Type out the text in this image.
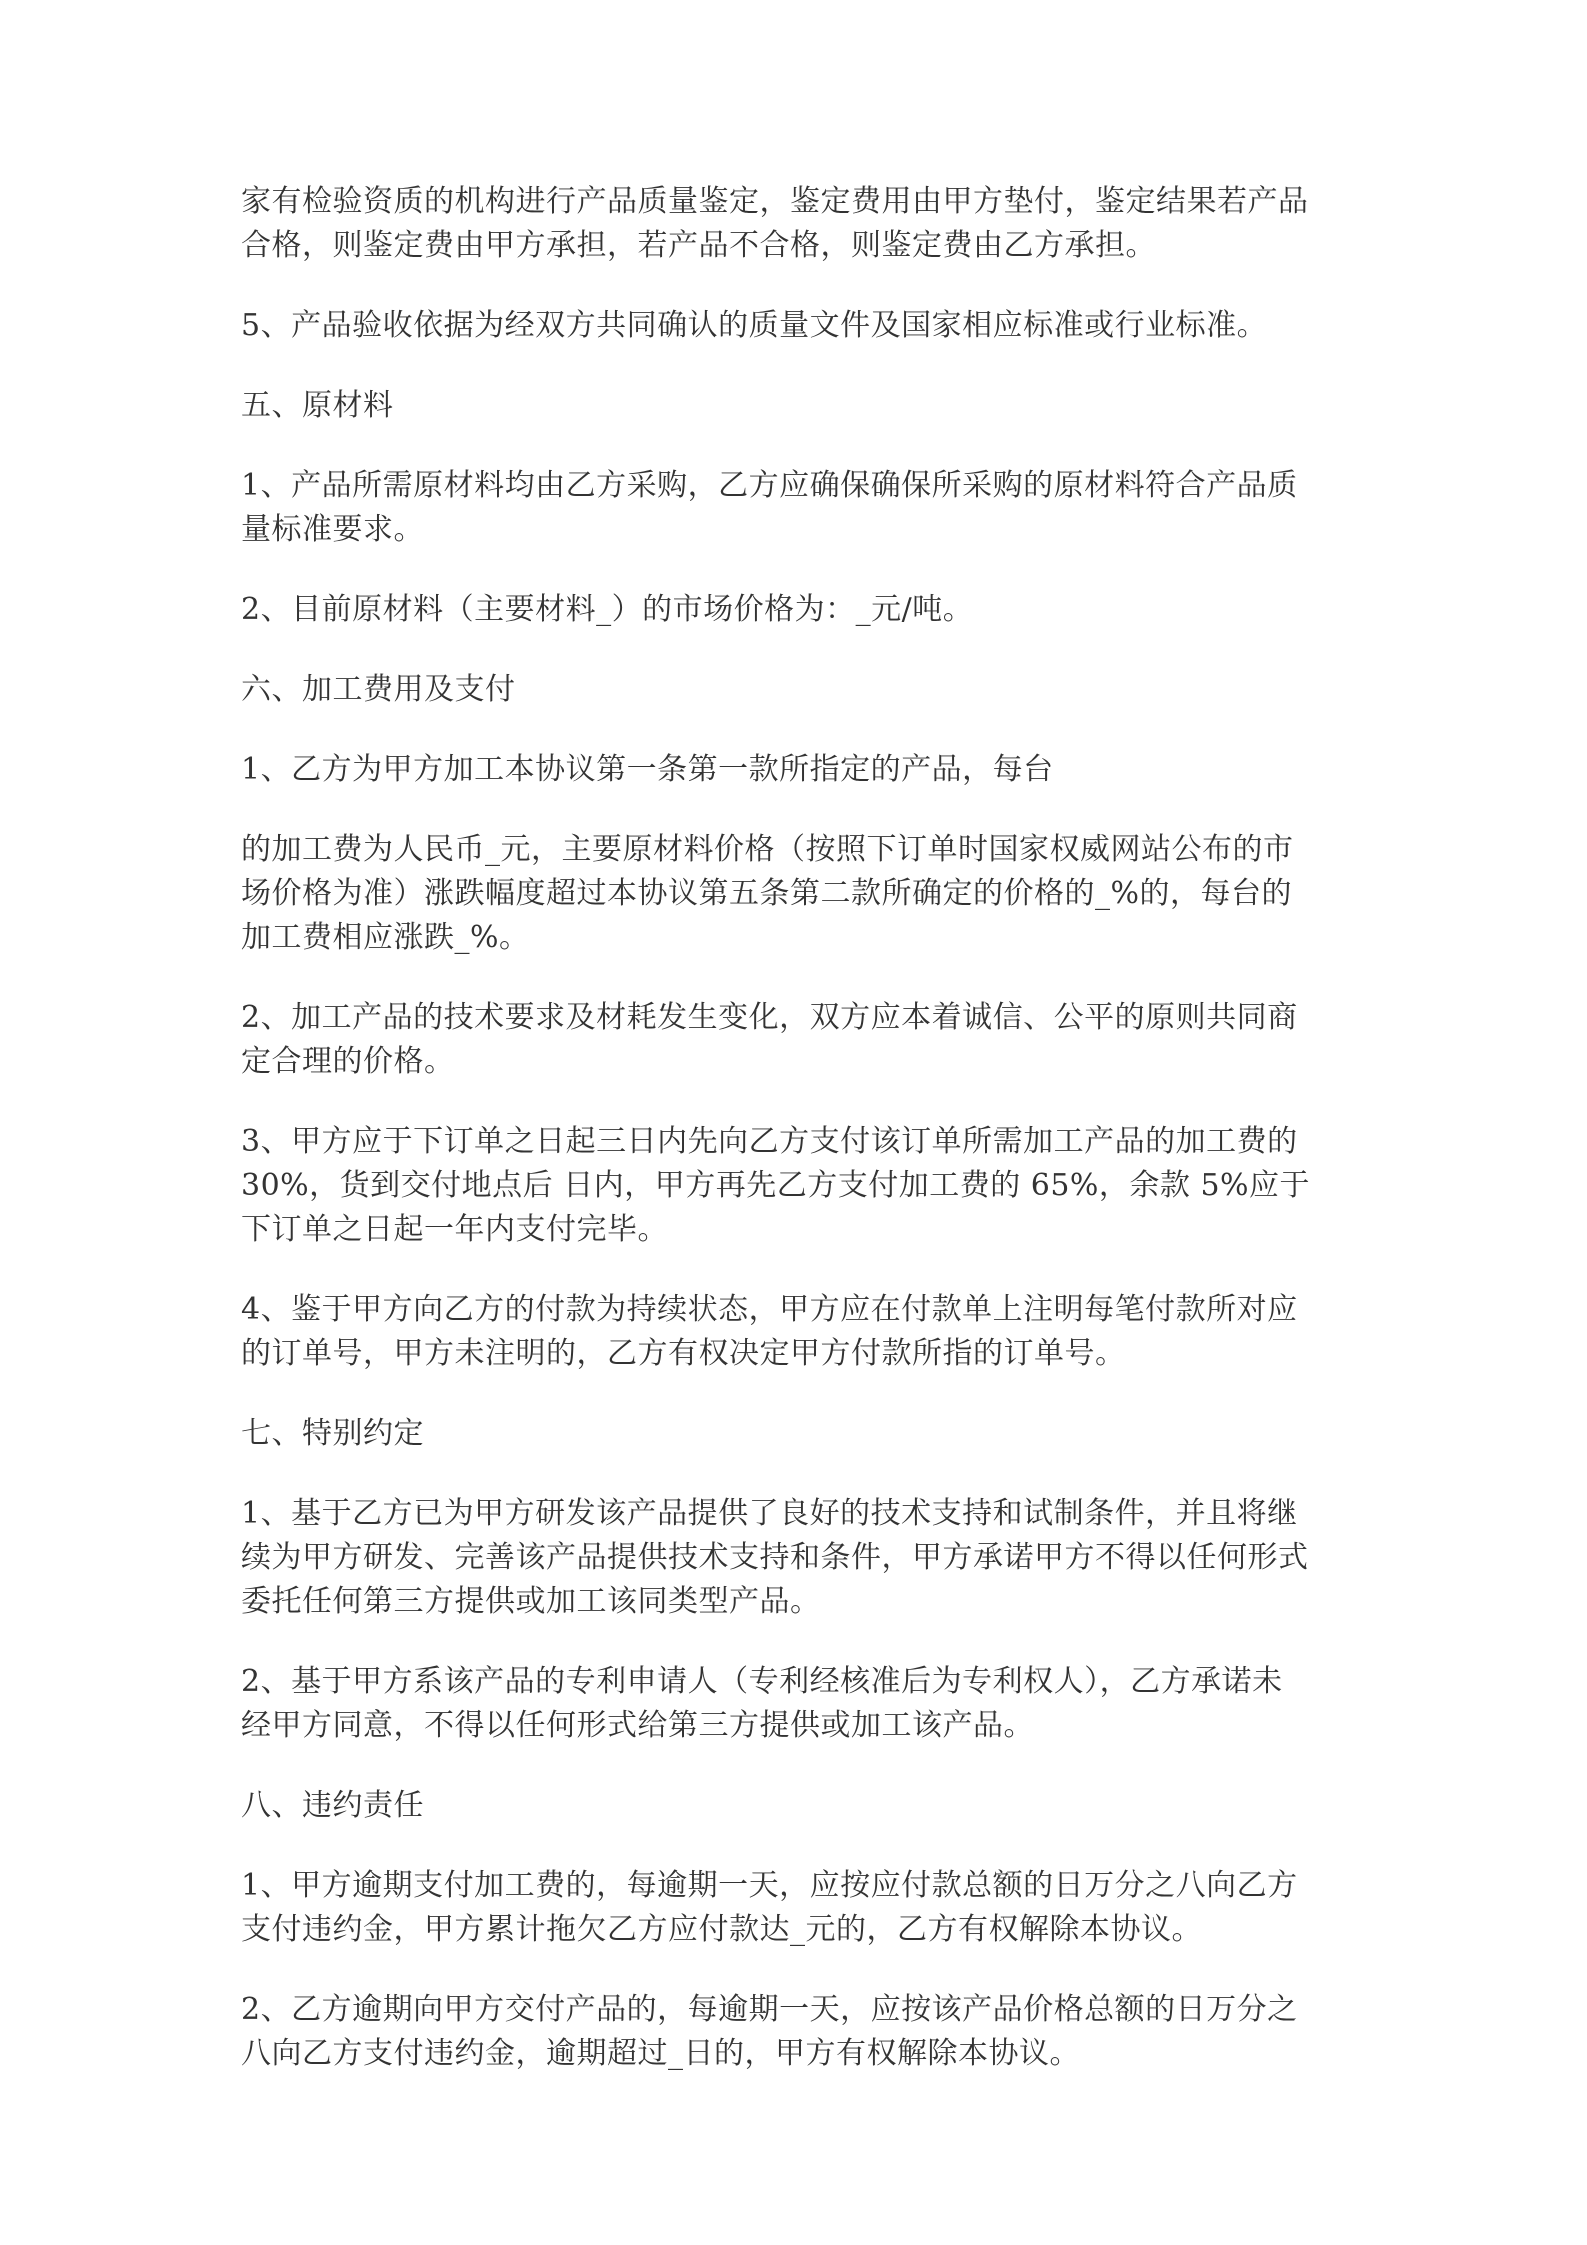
家有检验资质的机构进行产品质量鉴定，鉴定费用由甲方垫付，鉴定结果若产品
合格，则鉴定费由甲方承担，若产品不合格，则鉴定费由乙方承担。
5、产品验收依据为经双方共同确认的质量文件及国家相应标准或行业标准。
五、原材料
1、产品所需原材料均由乙方采购，乙方应确保确保所采购的原材料符合产品质
量标准要求。
2、目前原材料（主要材料_）的市场价格为：_元/吨。
六、加工费用及支付
1、乙方为甲方加工本协议第一条第一款所指定的产品，每台
的加工费为人民币_元，主要原材料价格（按照下订单时国家权威网站公布的市
场价格为准）涨跌幅度超过本协议第五条第二款所确定的价格的_%的，每台的
加工费相应涨跌_%。
2、加工产品的技术要求及材耗发生变化，双方应本着诚信、公平的原则共同商
定合理的价格。
3、甲方应于下订单之日起三日内先向乙方支付该订单所需加工产品的加工费的
30%，货到交付地点后 日内，甲方再先乙方支付加工费的 65%，余款 5%应于
下订单之日起一年内支付完毕。
4、鉴于甲方向乙方的付款为持续状态，甲方应在付款单上注明每笔付款所对应
的订单号，甲方未注明的，乙方有权决定甲方付款所指的订单号。
七、特别约定
1、基于乙方已为甲方研发该产品提供了良好的技术支持和试制条件，并且将继
续为甲方研发、完善该产品提供技术支持和条件，甲方承诺甲方不得以任何形式
委托任何第三方提供或加工该同类型产品。
2、基于甲方系该产品的专利申请人（专利经核准后为专利权人），乙方承诺未
经甲方同意，不得以任何形式给第三方提供或加工该产品。
八、违约责任
1、甲方逾期支付加工费的，每逾期一天，应按应付款总额的日万分之八向乙方
支付违约金，甲方累计拖欠乙方应付款达_元的，乙方有权解除本协议。
2、乙方逾期向甲方交付产品的，每逾期一天，应按该产品价格总额的日万分之
八向乙方支付违约金，逾期超过_日的，甲方有权解除本协议。
